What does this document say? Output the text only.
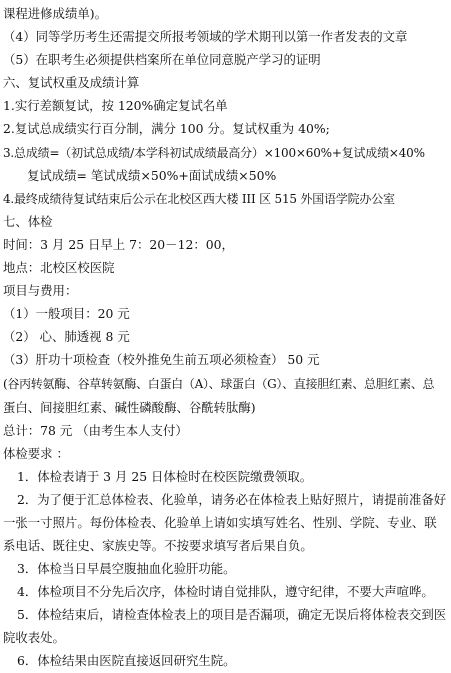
课程进修成绩单)。
（4）同等学历考生还需提交所报考领域的学术期刊以第一作者发表的文章
（5）在职考生必须提供档案所在单位同意脱产学习的证明
六、复试权重及成绩计算
1.实行差额复试，按 120%确定复试名单
2.复试总成绩实行百分制，满分 100 分。复试权重为 40%;
3.总成绩=（初试总成绩/本学科初试成绩最高分）×100×60%+复试成绩×40%
复试成绩= 笔试成绩×50%+面试成绩×50%
4.最终成绩待复试结束后公示在北校区西大楼 III 区 515 外国语学院办公室
七、体检
时间：3 月 25 日早上 7：20－12：00，
地点：北校区校医院
项目与费用：
（1）一般项目：20 元
（2） 心、肺透视 8 元
（3）肝功十项检查（校外推免生前五项必须检查） 50 元
(谷丙转氨酶、谷草转氨酶、白蛋白（A）、球蛋白（G）、直接胆红素、总胆红素、总
蛋白、间接胆红素、碱性磷酸酶、谷酰转肽酶)
总计：78 元 （由考生本人支付）
体检要求 ：
1．体检表请于 3 月 25 日体检时在校医院缴费领取。
2．为了便于汇总体检表、化验单，请务必在体检表上贴好照片，请提前准备好
一张一寸照片。每份体检表、化验单上请如实填写姓名、性别、学院、专业、联
系电话、既往史、家族史等。不按要求填写者后果自负。
3．体检当日早晨空腹抽血化验肝功能。
4．体检项目不分先后次序，体检时请自觉排队，遵守纪律，不要大声喧哗。
5．体检结束后，请检查体检表上的项目是否漏项，确定无误后将体检表交到医
院收表处。
6．体检结果由医院直接返回研究生院。
